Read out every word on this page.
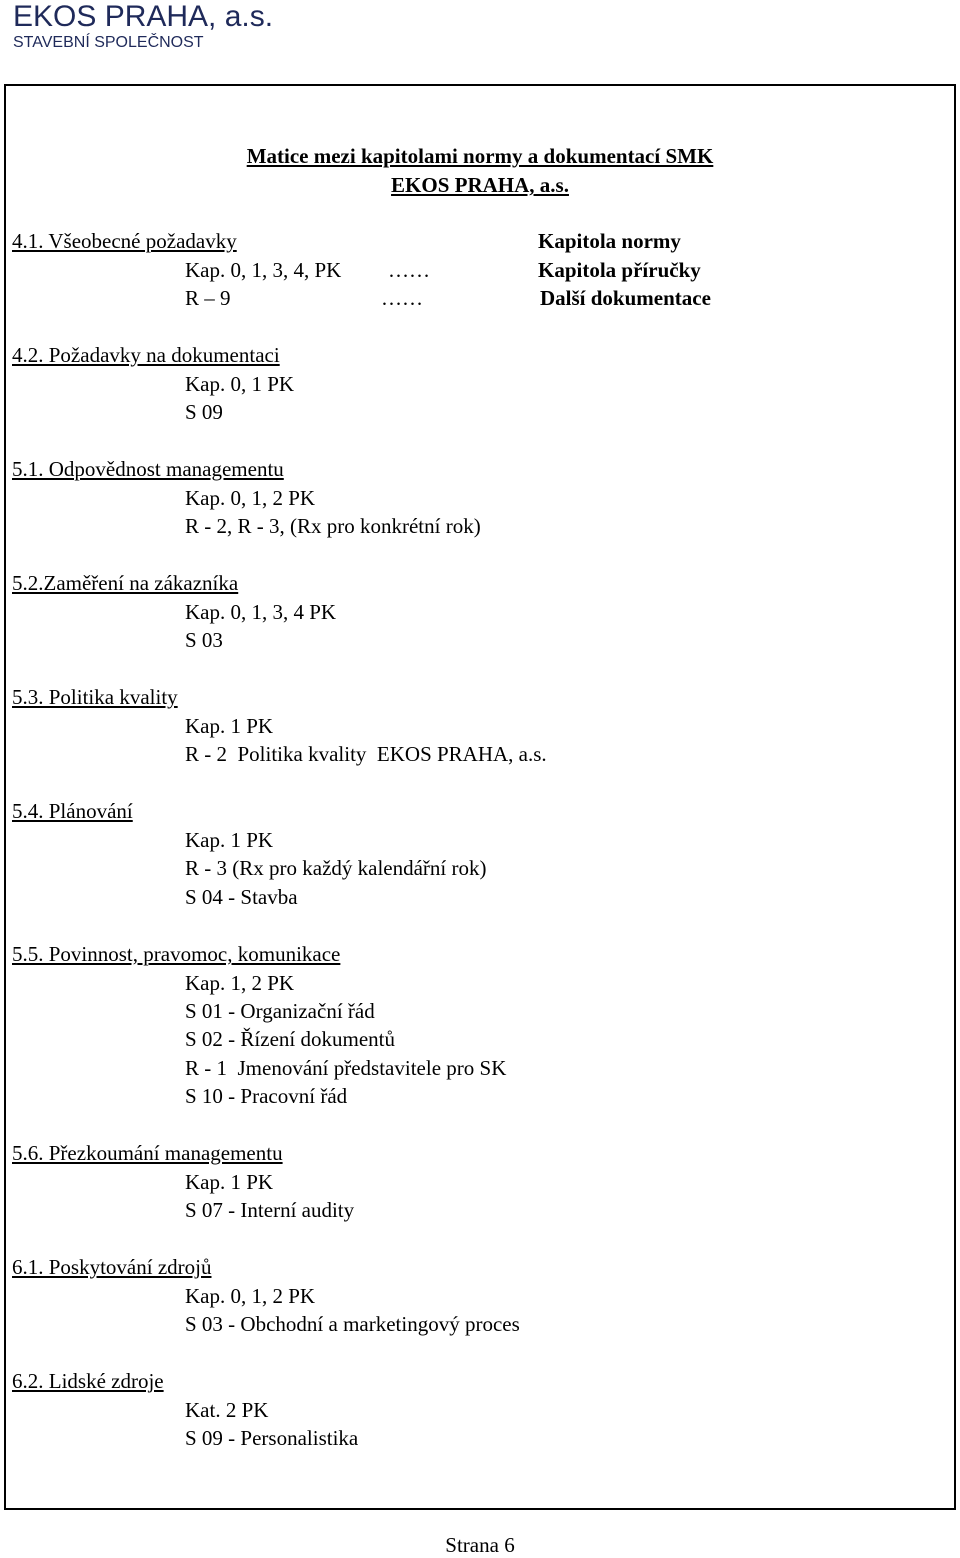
EKOS PRAHA, a.s.
STAVEBNÍ SPOLEČNOST
Matice mezi kapitolami normy a dokumentací SMK
EKOS PRAHA, a.s.
4.1. Všeobecné požadavky	Kapitola normy
Kap. 0, 1, 3, 4, PK ……	Kapitola příručky
R – 9	……	Další dokumentace
4.2. Požadavky na dokumentaci
Kap. 0, 1 PK
S 09
5.1. Odpovědnost managementu
Kap. 0, 1, 2 PK
R - 2, R - 3, (Rx pro konkrétní rok)
5.2.Zaměření na zákazníka
Kap. 0, 1, 3, 4 PK
S 03
5.3. Politika kvality
Kap. 1 PK
R - 2  Politika kvality  EKOS PRAHA, a.s.
5.4. Plánování
Kap. 1 PK
R - 3 (Rx pro každý kalendářní rok)
S 04 - Stavba
5.5. Povinnost, pravomoc, komunikace
Kap. 1, 2 PK
S 01 - Organizační řád
S 02 - Řízení dokumentů
R - 1  Jmenování představitele pro SK
S 10 - Pracovní řád
5.6. Přezkoumání managementu
Kap. 1 PK
S 07 - Interní audity
6.1. Poskytování zdrojů
Kap. 0, 1, 2 PK
S 03 - Obchodní a marketingový proces
6.2. Lidské zdroje
Kat. 2 PK
S 09 - Personalistika
Strana 6
